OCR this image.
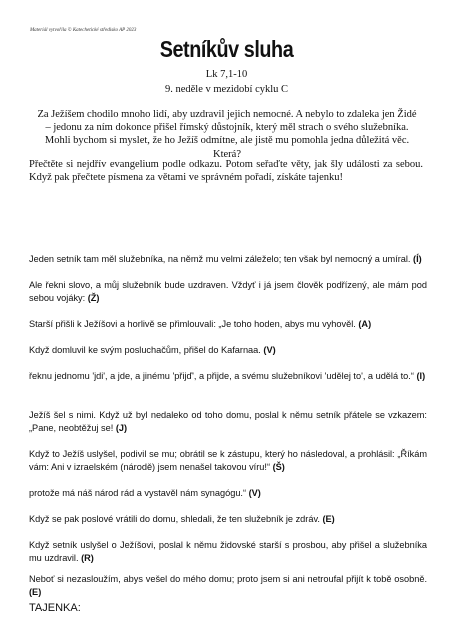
Materiál vytvořila © Katechetické středisko AP 2023
Setníkův sluha
Lk 7,1-10
9. neděle v mezidobí cyklu C
Za Ježíšem chodilo mnoho lidí, aby uzdravil jejich nemocné. A nebylo to zdaleka jen Židé – jedonu za ním dokonce přišel římský důstojník, který měl strach o svého služebníka. Mohli bychom si myslet, že ho Ježíš odmítne, ale jistě mu pomohla jedna důležitá věc. Která?
Přečtěte si nejdřív evangelium podle odkazu. Potom seřaďte věty, jak šly události za sebou. Když pak přečtete písmena za větami ve správném pořadí, získáte tajenku!
Jeden setník tam měl služebníka, na němž mu velmi záleželo; ten však byl nemocný a umíral. (Í)
Ale řekni slovo, a můj služebník bude uzdraven. Vždyť i já jsem člověk podřízený, ale mám pod sebou vojáky: (Ž)
Starší přišli k Ježíšovi a horlivě se přimlouvali: „Je toho hoden, abys mu vyhověl. (A)
Když domluvil ke svým posluchačům, přišel do Kafarnaa. (V)
řeknu jednomu 'jdi', a jde, a jinému 'přijď', a přijde, a svému služebníkovi 'udělej to', a udělá to.“ (I)
Ježíš šel s nimi. Když už byl nedaleko od toho domu, poslal k němu setník přátele se vzkazem: „Pane, neobtěžuj se! (J)
Když to Ježíš uslyšel, podivil se mu; obrátil se k zástupu, který ho následoval, a prohlásil: „Říkám vám: Ani v izraelském (národě) jsem nenašel takovou víru!“ (Š)
protože má náš národ rád a vystavěl nám synagógu.“ (V)
Když se pak poslové vrátili do domu, shledali, že ten služebník je zdráv. (E)
Když setník uslyšel o Ježíšovi, poslal k němu židovské starší s prosbou, aby přišel a služebníka mu uzdravil. (R)
Neboť si nezasloužím, abys vešel do mého domu; proto jsem si ani netroufal přijít k tobě osobně. (E)
TAJENKA:
